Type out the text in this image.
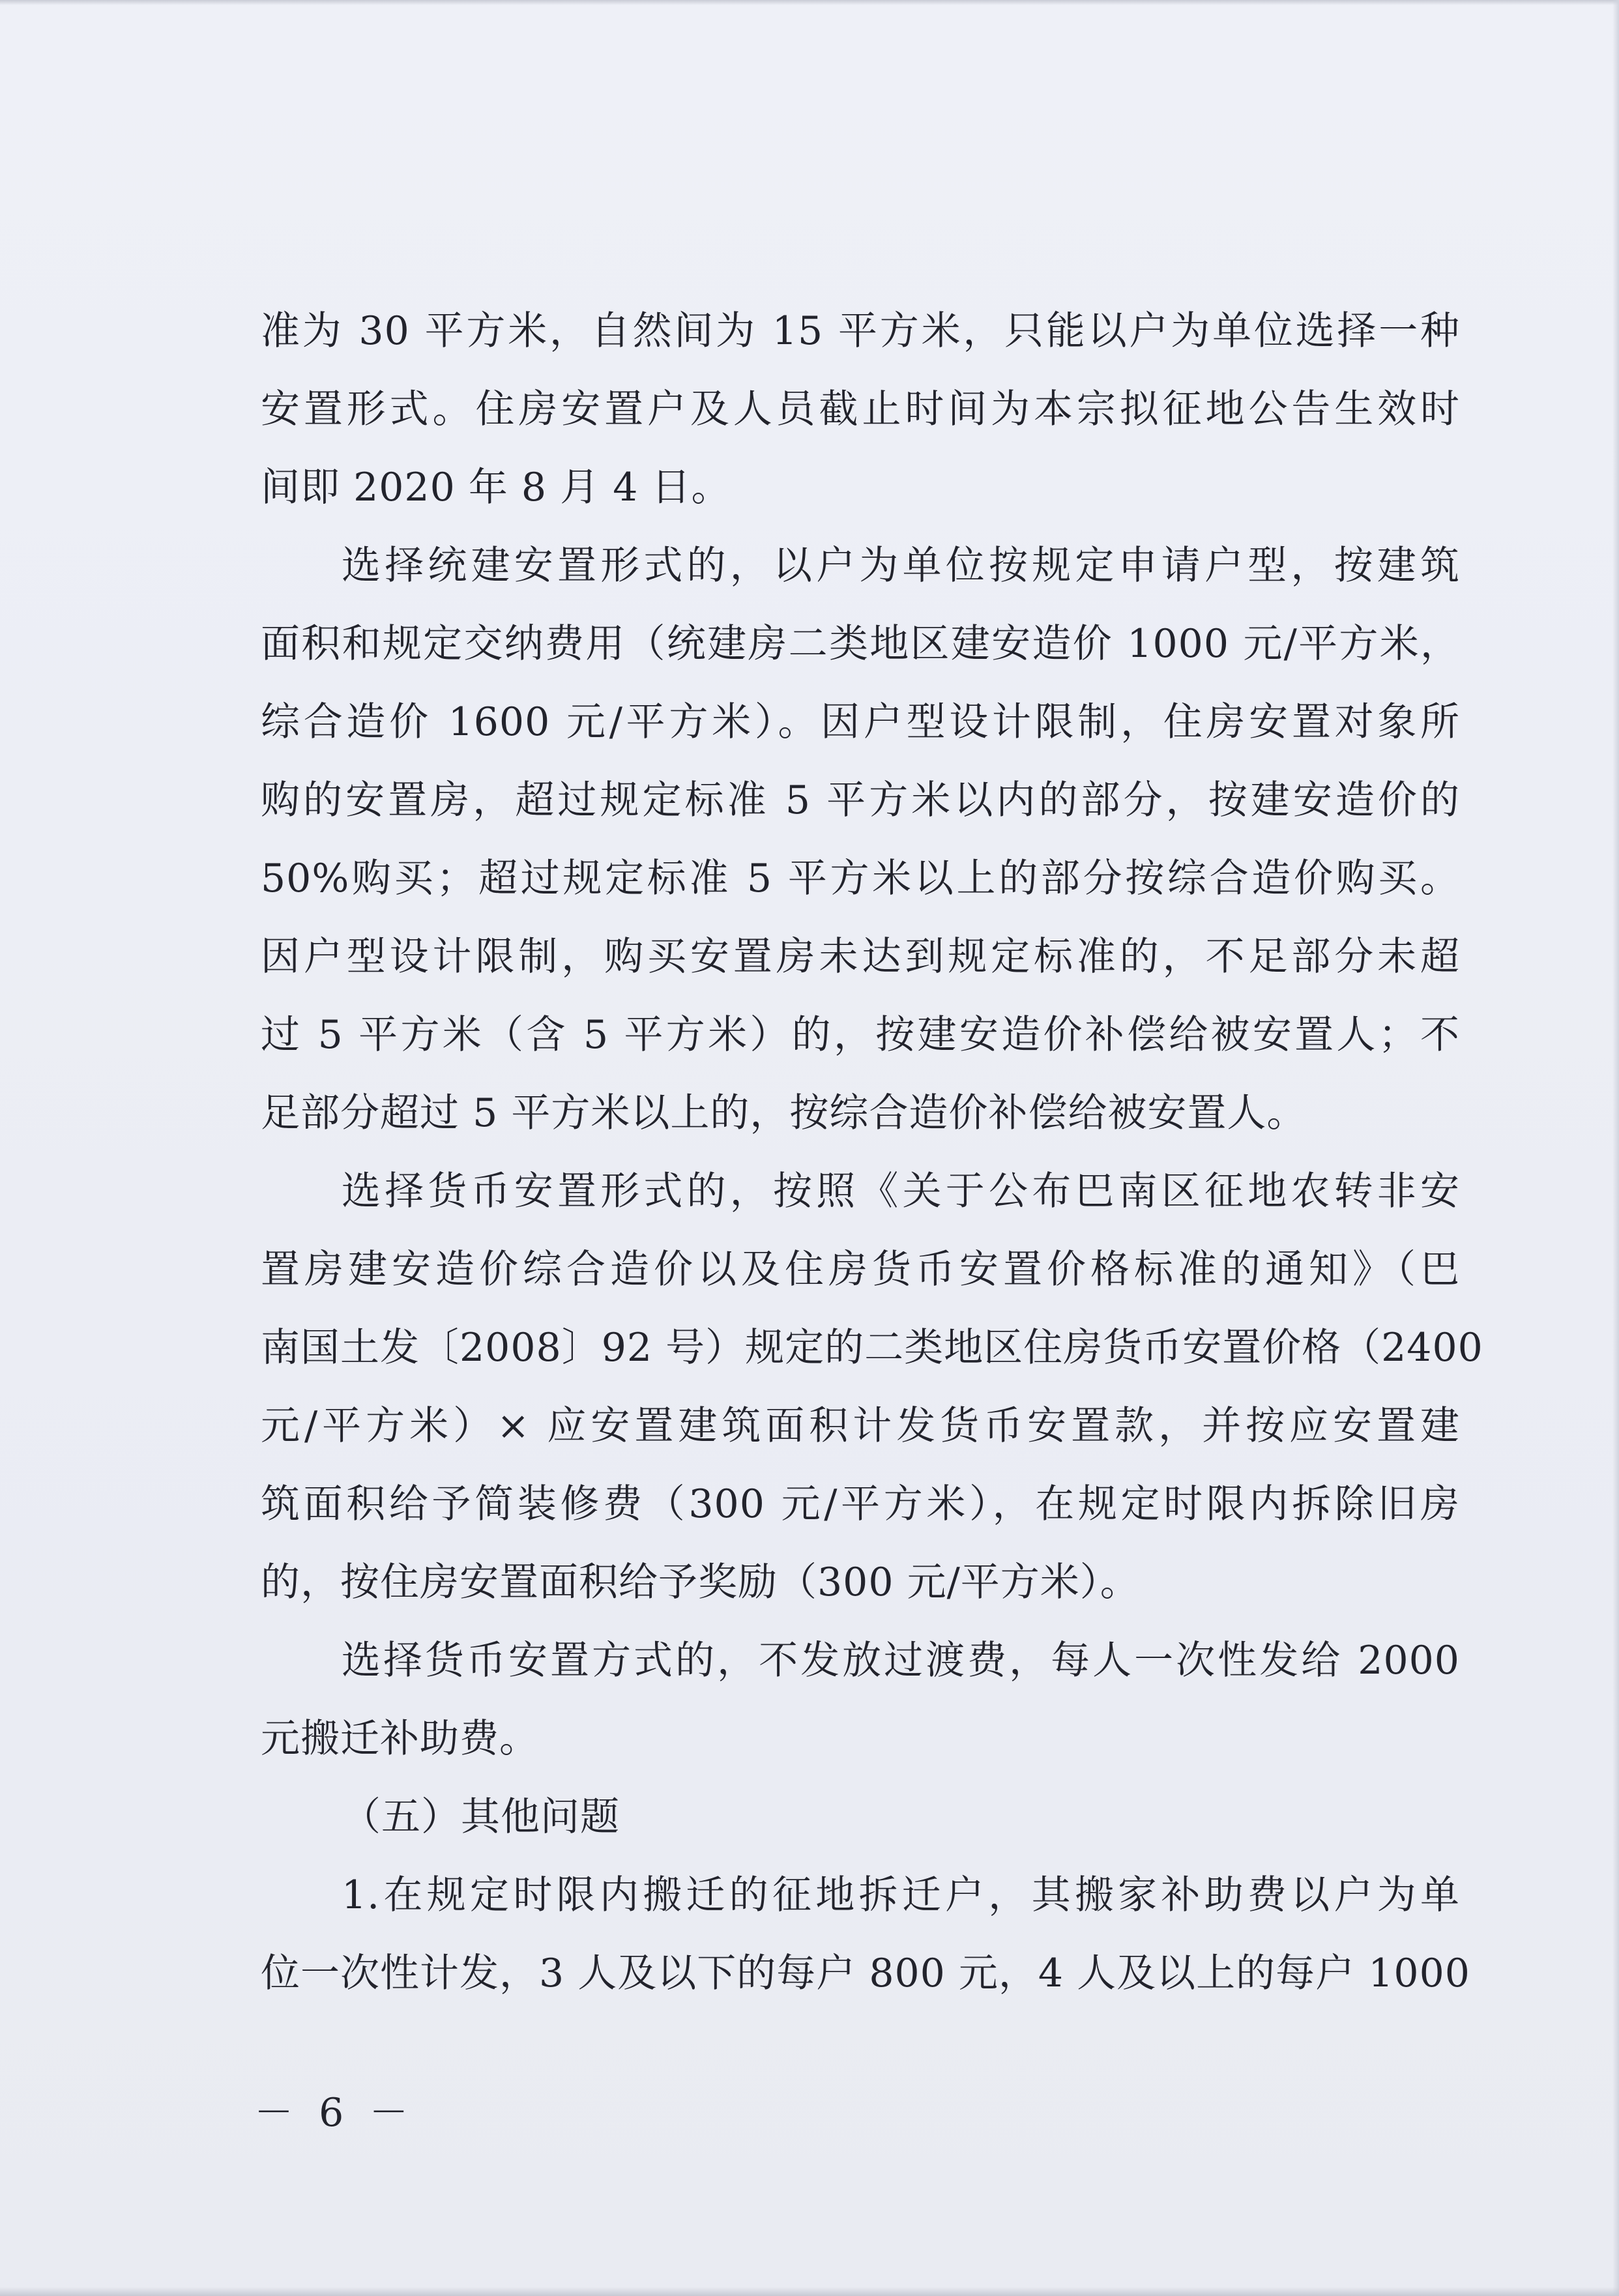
准为 30 平方米，自然间为 15 平方米，只能以户为单位选择一种
安置形式。住房安置户及人员截止时间为本宗拟征地公告生效时
间即 2020 年 8 月 4 日。
选择统建安置形式的，以户为单位按规定申请户型，按建筑
面积和规定交纳费用（统建房二类地区建安造价 1000 元/平方米，
综合造价 1600 元/平方米）。因户型设计限制，住房安置对象所
购的安置房，超过规定标准 5 平方米以内的部分，按建安造价的
50%购买；超过规定标准 5 平方米以上的部分按综合造价购买。
因户型设计限制，购买安置房未达到规定标准的，不足部分未超
过 5 平方米（含 5 平方米）的，按建安造价补偿给被安置人；不
足部分超过 5 平方米以上的，按综合造价补偿给被安置人。
选择货币安置形式的，按照《关于公布巴南区征地农转非安
置房建安造价综合造价以及住房货币安置价格标准的通知》（巴
南国土发〔2008〕92 号）规定的二类地区住房货币安置价格（2400
元/平方米）× 应安置建筑面积计发货币安置款，并按应安置建
筑面积给予简装修费（300 元/平方米），在规定时限内拆除旧房
的，按住房安置面积给予奖励（300 元/平方米）。
选择货币安置方式的，不发放过渡费，每人一次性发给 2000
元搬迁补助费。
（五）其他问题
1.在规定时限内搬迁的征地拆迁户，其搬家补助费以户为单
位一次性计发，3 人及以下的每户 800 元，4 人及以上的每户 1000
－ 6 －
